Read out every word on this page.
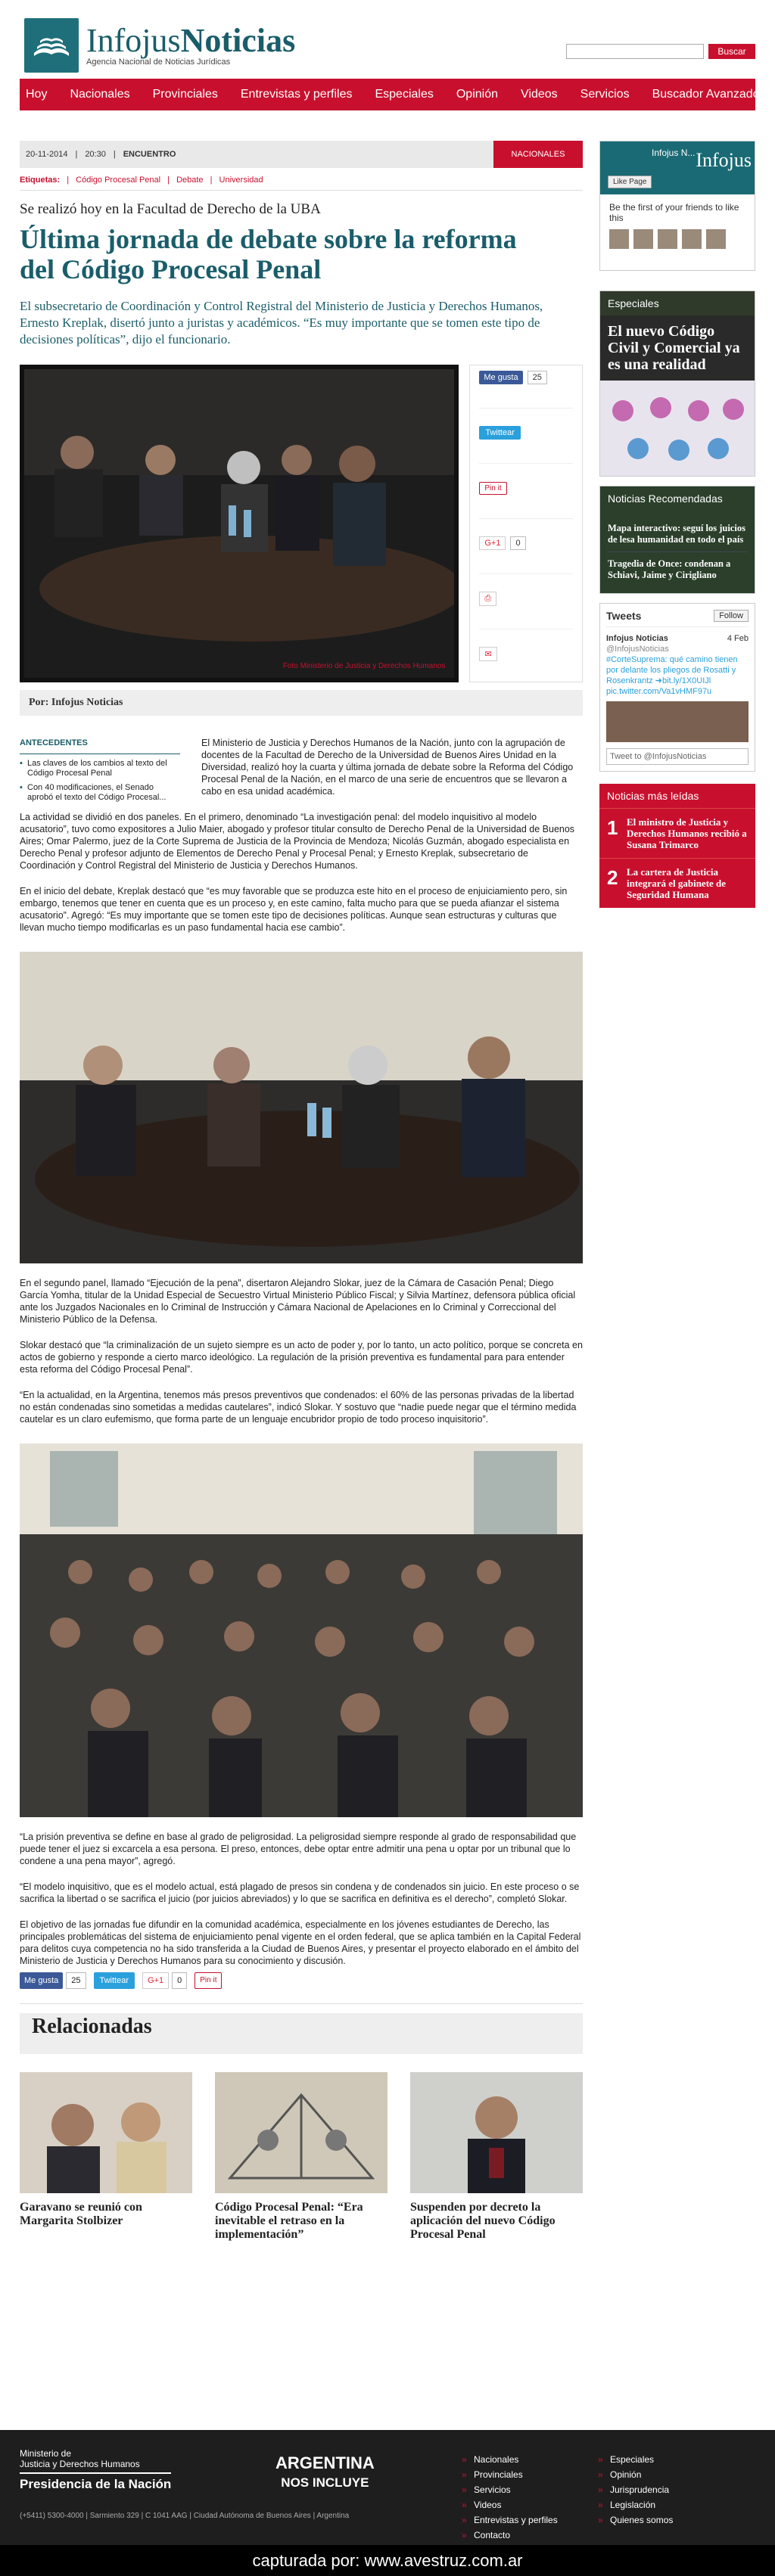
InfojusNoticias
Agencia Nacional de Noticias Jurídicas
Buscar
Hoy Nacionales Provinciales Entrevistas y perfiles Especiales Opinión Videos Servicios Buscador Avanzado
20-11-2014 | 20:30 | ENCUENTRO	NACIONALES
Etiquetas: | Código Procesal Penal | Debate | Universidad
Se realizó hoy en la Facultad de Derecho de la UBA
Última jornada de debate sobre la reforma del Código Procesal Penal
El subsecretario de Coordinación y Control Registral del Ministerio de Justicia y Derechos Humanos, Ernesto Kreplak, disertó junto a juristas y académicos. “Es muy importante que se tomen este tipo de decisiones políticas”, dijo el funcionario.
Foto Ministerio de Justicia y Derechos Humanos
Me gusta	25
Twittear
Pin it
G+1	0
⎙
✉
Por: Infojus Noticias
ANTECEDENTES
▪ Las claves de los cambios al texto del Código Procesal Penal
▪ Con 40 modificaciones, el Senado aprobó el texto del Código Procesal...

El Ministerio de Justicia y Derechos Humanos de la Nación, junto con la agrupación de docentes de la Facultad de Derecho de la Universidad de Buenos Aires Unidad en la Diversidad, realizó hoy la cuarta y última jornada de debate sobre la Reforma del Código Procesal Penal de la Nación, en el marco de una serie de encuentros que se llevaron a cabo en esa unidad académica.

La actividad se dividió en dos paneles. En el primero, denominado “La investigación penal: del modelo inquisitivo al modelo acusatorio”, tuvo como expositores a Julio Maier, abogado y profesor titular consulto de Derecho Penal de la Universidad de Buenos Aires; Omar Palermo, juez de la Corte Suprema de Justicia de la Provincia de Mendoza; Nicolás Guzmán, abogado especialista en Derecho Penal y profesor adjunto de Elementos de Derecho Penal y Procesal Penal; y Ernesto Kreplak, subsecretario de Coordinación y Control Registral del Ministerio de Justicia y Derechos Humanos.

En el inicio del debate, Kreplak destacó que “es muy favorable que se produzca este hito en el proceso de enjuiciamiento pero, sin embargo, tenemos que tener en cuenta que es un proceso y, en este camino, falta mucho para que se pueda afianzar el sistema acusatorio”. Agregó: “Es muy importante que se tomen este tipo de decisiones políticas. Aunque sean estructuras y culturas que llevan mucho tiempo modificarlas es un paso fundamental hacia ese cambio”.

En el segundo panel, llamado “Ejecución de la pena”, disertaron Alejandro Slokar, juez de la Cámara de Casación Penal; Diego García Yomha, titular de la Unidad Especial de Secuestro Virtual Ministerio Público Fiscal; y Silvia Martínez, defensora pública oficial ante los Juzgados Nacionales en lo Criminal de Instrucción y Cámara Nacional de Apelaciones en lo Criminal y Correccional del Ministerio Público de la Defensa.

Slokar destacó que “la criminalización de un sujeto siempre es un acto de poder y, por lo tanto, un acto político, porque se concreta en actos de gobierno y responde a cierto marco ideológico. La regulación de la prisión preventiva es fundamental para para entender esta reforma del Código Procesal Penal”.

“En la actualidad, en la Argentina, tenemos más presos preventivos que condenados: el 60% de las personas privadas de la libertad no están condenadas sino sometidas a medidas cautelares”, indicó Slokar. Y sostuvo que “nadie puede negar que el término medida cautelar es un claro eufemismo, que forma parte de un lenguaje encubridor propio de todo proceso inquisitorio”.

“La prisión preventiva se define en base al grado de peligrosidad. La peligrosidad siempre responde al grado de responsabilidad que puede tener el juez si excarcela a esa persona. El preso, entonces, debe optar entre admitir una pena u optar por un tribunal que lo condene a una pena mayor”, agregó.

“El modelo inquisitivo, que es el modelo actual, está plagado de presos sin condena y de condenados sin juicio. En este proceso o se sacrifica la libertad o se sacrifica el juicio (por juicios abreviados) y lo que se sacrifica en definitiva es el derecho”, completó Slokar.

El objetivo de las jornadas fue difundir en la comunidad académica, especialmente en los jóvenes estudiantes de Derecho, las principales problemáticas del sistema de enjuiciamiento penal vigente en el orden federal, que se aplica también en la Capital Federal para delitos cuya competencia no ha sido transferida a la Ciudad de Buenos Aires, y presentar el proyecto elaborado en el ámbito del Ministerio de Justicia y Derechos Humanos para su conocimiento y discusión.

Me gusta	25	Twittear	G+1	0	Pin it
Relacionadas
Garavano se reunió con Margarita Stolbizer
Código Procesal Penal: “Era inevitable el retraso en la implementación”
Suspenden por decreto la aplicación del nuevo Código Procesal Penal
Infojus N... Infojus
Like Page
Be the first of your friends to like this
Especiales
El nuevo Código Civil y Comercial ya es una realidad
Noticias Recomendadas
Mapa interactivo: seguí los juicios de lesa humanidad en todo el país
Tragedia de Once: condenan a Schiavi, Jaime y Cirigliano
Tweets	Follow
Infojus Noticias	4 Feb
@InfojusNoticias
#CorteSuprema: qué camino tienen por delante los pliegos de Rosatti y Rosenkrantz ➜bit.ly/1X0UIJl pic.twitter.com/Va1vHMF97u
Tweet to @InfojusNoticias
Noticias más leídas
1 El ministro de Justicia y Derechos Humanos recibió a Susana Trimarco
2 La cartera de Justicia integrará el gabinete de Seguridad Humana
Ministerio de
Justicia y Derechos Humanos
Presidencia de la Nación
ARGENTINA
NOS INCLUYE
(+5411) 5300-4000 | Sarmiento 329 | C 1041 AAG | Ciudad Autónoma de Buenos Aires | Argentina
» Nacionales
» Provinciales
» Servicios
» Videos
» Entrevistas y perfiles
» Contacto
» Especiales
» Opinión
» Jurisprudencia
» Legislación
» Quienes somos
capturada por: www.avestruz.com.ar
